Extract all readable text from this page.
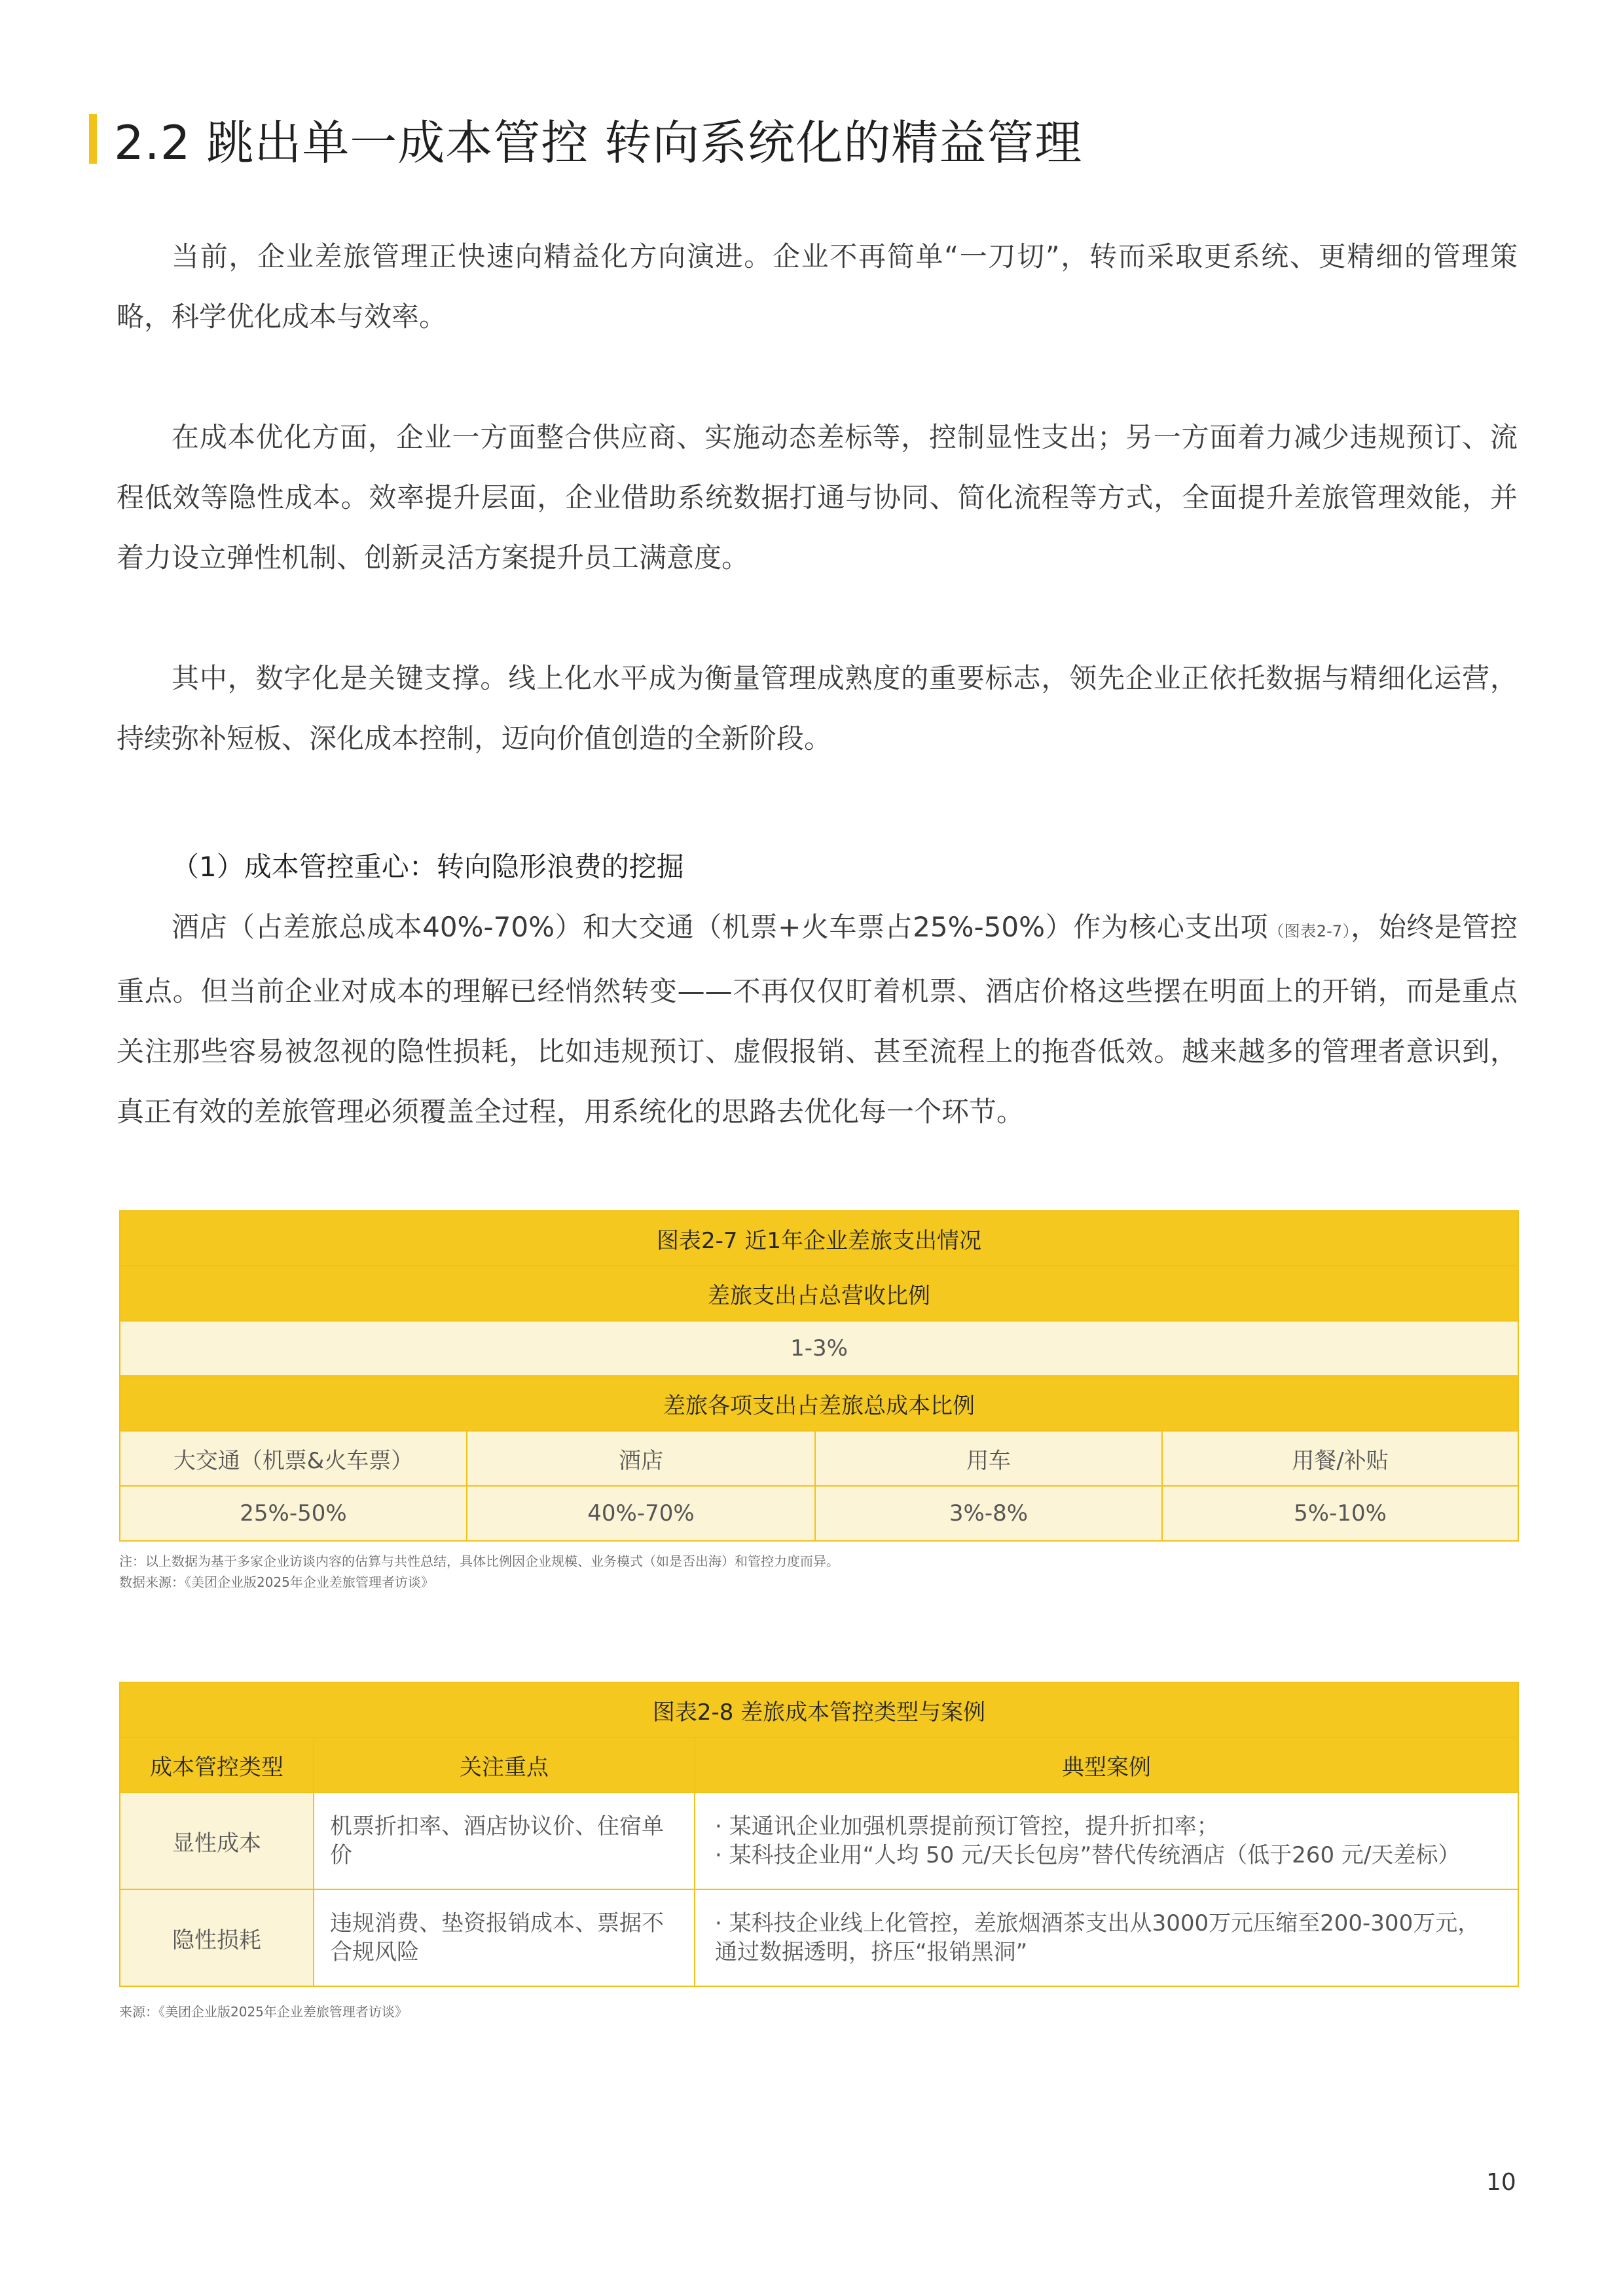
2.2 跳出单一成本管控 转向系统化的精益管理

当前，企业差旅管理正快速向精益化方向演进。企业不再简单“一刀切”，转而采取更系统、更精细的管理策略，科学优化成本与效率。

在成本优化方面，企业一方面整合供应商、实施动态差标等，控制显性支出；另一方面着力减少违规预订、流程低效等隐性成本。效率提升层面，企业借助系统数据打通与协同、简化流程等方式，全面提升差旅管理效能，并着力设立弹性机制、创新灵活方案提升员工满意度。

其中，数字化是关键支撑。线上化水平成为衡量管理成熟度的重要标志，领先企业正依托数据与精细化运营，持续弥补短板、深化成本控制，迈向价值创造的全新阶段。

（1）成本管控重心：转向隐形浪费的挖掘

酒店（占差旅总成本40%-70%）和大交通（机票+火车票占25%-50%）作为核心支出项（图表2-7），始终是管控重点。但当前企业对成本的理解已经悄然转变——不再仅仅盯着机票、酒店价格这些摆在明面上的开销，而是重点关注那些容易被忽视的隐性损耗，比如违规预订、虚假报销、甚至流程上的拖沓低效。越来越多的管理者意识到，真正有效的差旅管理必须覆盖全过程，用系统化的思路去优化每一个环节。

图表2-7 近1年企业差旅支出情况			
差旅支出占总营收比例			
1-3%			
差旅各项支出占差旅总成本比例			
大交通（机票&火车票）	酒店	用车	用餐/补贴
25%-50%	40%-70%	3%-8%	5%-10%
注：以上数据为基于多家企业访谈内容的估算与共性总结，具体比例因企业规模、业务模式（如是否出海）和管控力度而异。
数据来源：《美团企业版2025年企业差旅管理者访谈》
图表2-8 差旅成本管控类型与案例		
成本管控类型	关注重点	典型案例
显性成本	机票折扣率、酒店协议价、住宿单价	· 某通讯企业加强机票提前预订管控，提升折扣率；
· 某科技企业用“人均 50 元/天长包房”替代传统酒店（低于260 元/天差标）

隐性损耗	违规消费、垫资报销成本、票据不合规风险	· 某科技企业线上化管控，差旅烟酒茶支出从3000万元压缩至200-300万元，通过数据透明，挤压“报销黑洞”
来源：《美团企业版2025年企业差旅管理者访谈》
10
